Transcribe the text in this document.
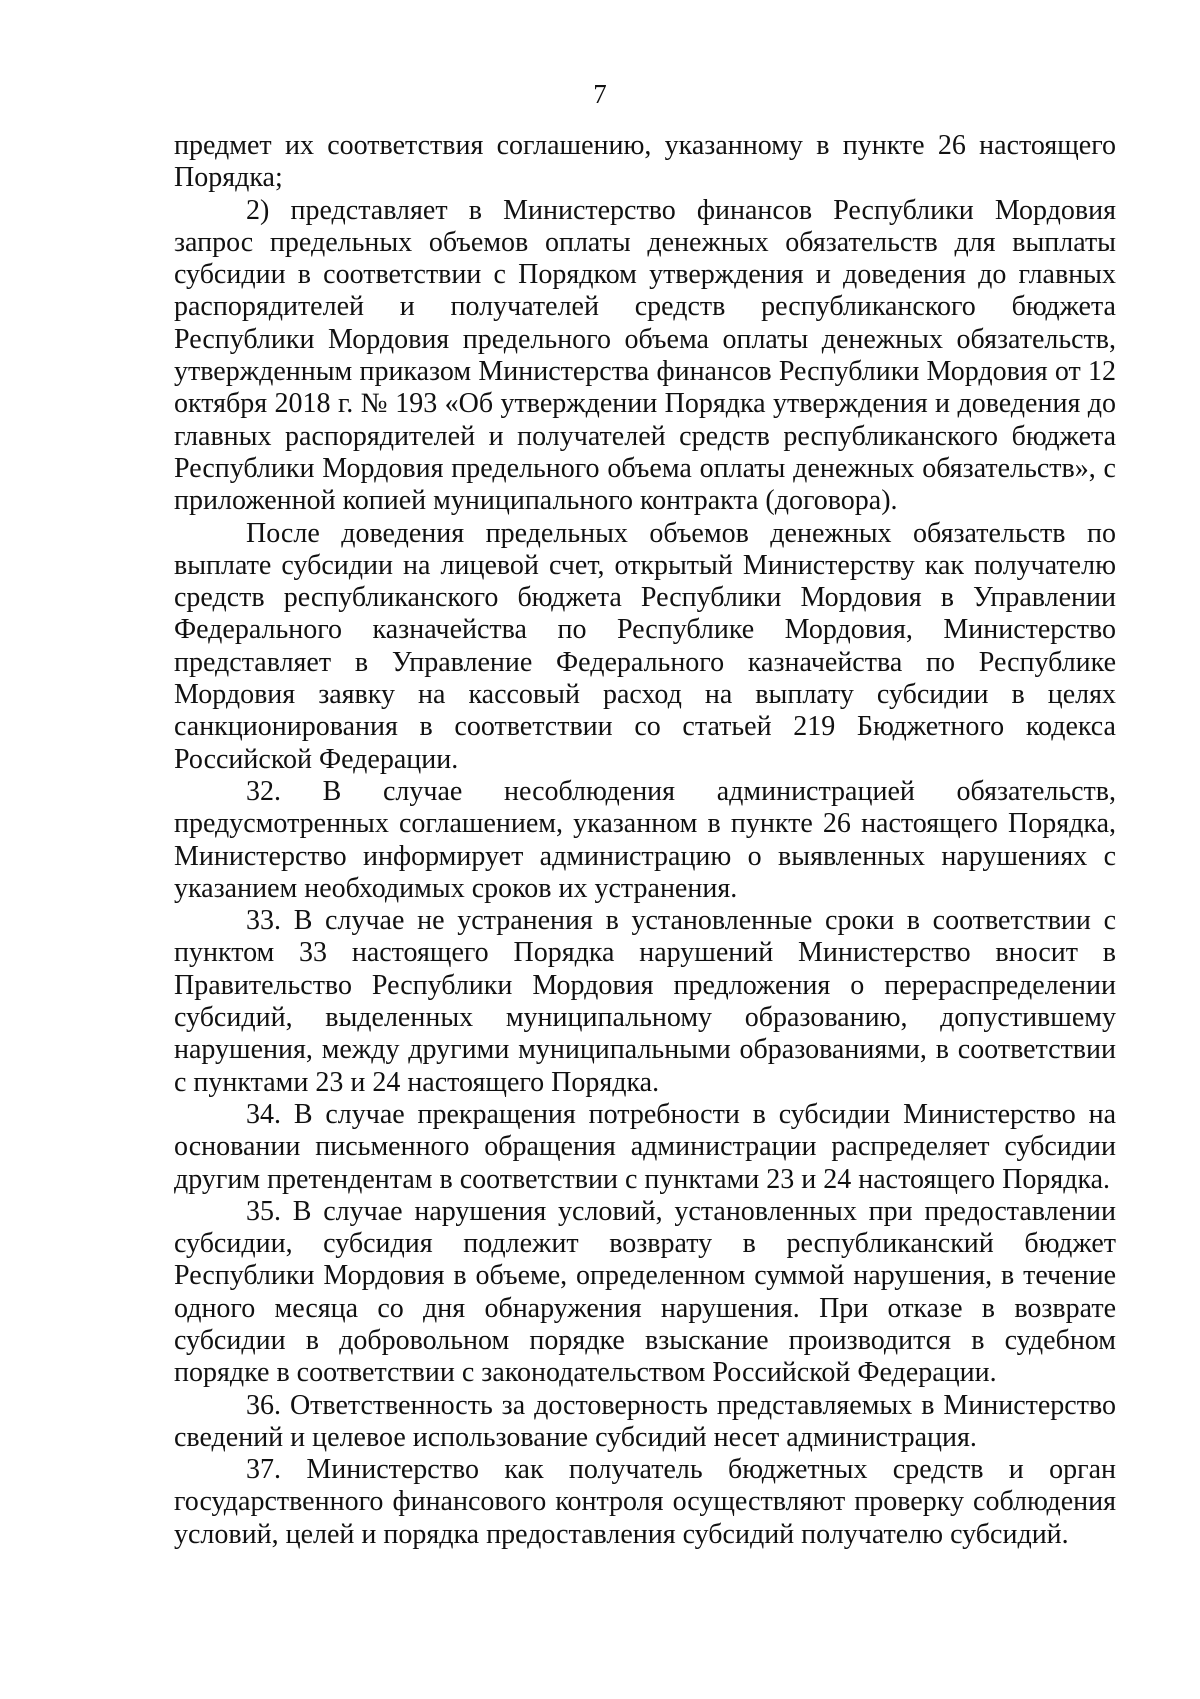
7

предмет их соответствия соглашению, указанному в пункте 26 настоящего Порядка;

2) представляет в Министерство финансов Республики Мордовия запрос предельных объемов оплаты денежных обязательств для выплаты субсидии в соответствии с Порядком утверждения и доведения до главных распорядителей и получателей средств республиканского бюджета Республики Мордовия предельного объема оплаты денежных обязательств, утвержденным приказом Министерства финансов Республики Мордовия от 12 октября 2018 г. № 193 «Об утверждении Порядка утверждения и доведения до главных распорядителей и получателей средств республиканского бюджета Республики Мордовия предельного объема оплаты денежных обязательств», с приложенной копией муниципального контракта (договора).

После доведения предельных объемов денежных обязательств по выплате субсидии на лицевой счет, открытый Министерству как получателю средств республиканского бюджета Республики Мордовия в Управлении Федерального казначейства по Республике Мордовия, Министерство представляет в Управление Федерального казначейства по Республике Мордовия заявку на кассовый расход на выплату субсидии в целях санкционирования в соответствии со статьей 219 Бюджетного кодекса Российской Федерации.

32. В случае несоблюдения администрацией обязательств, предусмотренных соглашением, указанном в пункте 26 настоящего Порядка, Министерство информирует администрацию о выявленных нарушениях с указанием необходимых сроков их устранения.

33. В случае не устранения в установленные сроки в соответствии с пунктом 33 настоящего Порядка нарушений Министерство вносит в Правительство Республики Мордовия предложения о перераспределении субсидий, выделенных муниципальному образованию, допустившему нарушения, между другими муниципальными образованиями, в соответствии с пунктами 23 и 24 настоящего Порядка.

34. В случае прекращения потребности в субсидии Министерство на основании письменного обращения администрации распределяет субсидии другим претендентам в соответствии с пунктами 23 и 24 настоящего Порядка.

35. В случае нарушения условий, установленных при предоставлении субсидии, субсидия подлежит возврату в республиканский бюджет Республики Мордовия в объеме, определенном суммой нарушения, в течение одного месяца со дня обнаружения нарушения. При отказе в возврате субсидии в добровольном порядке взыскание производится в судебном порядке в соответствии с законодательством Российской Федерации.

36. Ответственность за достоверность представляемых в Министерство сведений и целевое использование субсидий несет администрация.

37. Министерство как получатель бюджетных средств и орган государственного финансового контроля осуществляют проверку соблюдения условий, целей и порядка предоставления субсидий получателю субсидий.
